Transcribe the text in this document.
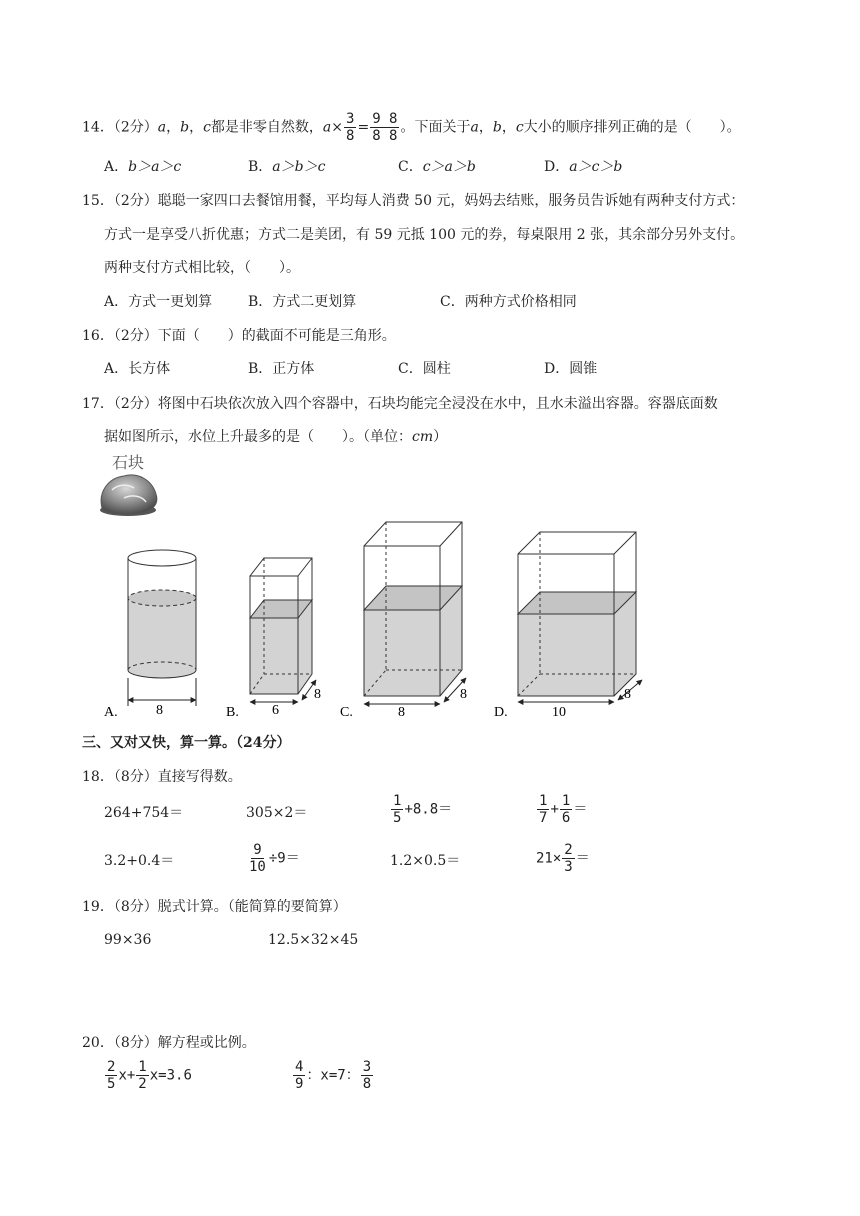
14．（2分）a，b，c都是非零自然数，$a\times \frac{3}{8} = \frac{9 8}{8 8}$ 。下面关于a，b，c大小的顺序排列正确的是（　　）。
A．b＞a＞c	B．a＞b＞c	C．c＞a＞b	D．a＞c＞b
15．（2分）聪聪一家四口去餐馆用餐，平均每人消费 50 元，妈妈去结账，服务员告诉她有两种支付方式：
方式一是享受八折优惠；方式二是美团，有 59 元抵 100 元的券，每桌限用 2 张，其余部分另外支付。
两种支付方式相比较，（　　）。
A．方式一更划算	B．方式二更划算	C．两种方式价格相同
16．（2分）下面（　　）的截面不可能是三角形。
A．长方体	B．正方体	C．圆柱	D．圆锥
17．（2分）将图中石块依次放入四个容器中，石块均能完全浸没在水中，且水未溢出容器。容器底面数
据如图所示，水位上升最多的是（　　）。（单位：cm）
石块
8
A.	6
8
B.	8
8
C.	10
8
D.
三、又对又快，算一算。（24分）
18．（8分）直接写得数。
264+754＝	305×2＝	$\frac{1}{5} +8.8=$	$\frac{1}{7} + \frac{1}{6}$ ＝
3.2+0.4＝	$\frac{9}{10} \div 9=$	1.2×0.5＝	$21\times \frac{2}{3}$ ＝
19．（8分）脱式计算。（能简算的要简算）
99×36	12.5×32×45
20．（8分）解方程或比例。
$\frac{2}{5} x+ \frac{1}{2} x=3.6$	$\frac{4}{9}$ ：x=7： $\frac{3}{8}$
